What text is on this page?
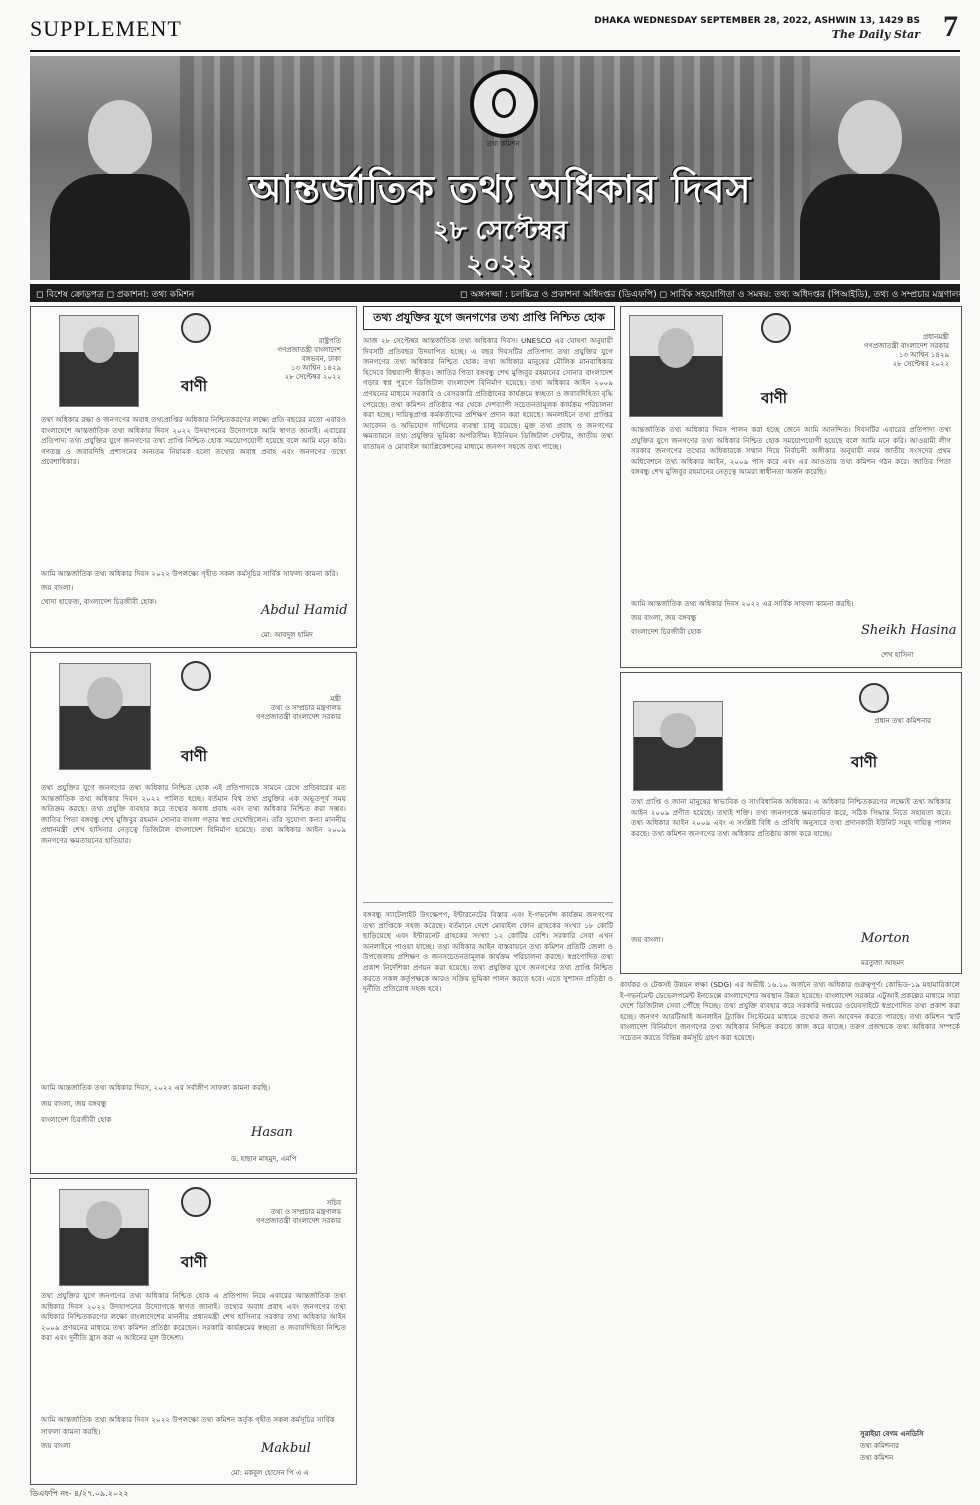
SUPPLEMENT	DHAKA WEDNESDAY SEPTEMBER 28, 2022, ASHWIN 13, 1429 BS
The Daily Star 7
তথ্য কমিশন
আন্তর্জাতিক তথ্য অধিকার দিবস
২৮ সেপ্টেম্বর
২০২২
◻ বিশেষ ক্রোড়পত্র ◻ প্রকাশনা: তথ্য কমিশন	◻ অঙ্গসজ্জা : চলচ্চিত্র ও প্রকাশনা অধিদপ্তর (ডিএফপি) ◻ সার্বিক সহযোগিতা ও সমন্বয়: তথ্য অধিদপ্তর (পিআইডি), তথ্য ও সম্প্রচার মন্ত্রণালয়
বাণী
রাষ্ট্রপতি
গণপ্রজাতন্ত্রী বাংলাদেশ
বঙ্গভবন, ঢাকা
১৩ আশ্বিন ১৪২৯
২৮ সেপ্টেম্বর ২০২২
তথ্য অধিকার রক্ষা ও জনগণের অবাধ তথ্যপ্রাপ্তির অধিকার নিশ্চিতকরণের লক্ষ্যে প্রতি বছরের মতো এবারও বাংলাদেশে আন্তর্জাতিক তথ্য অধিকার দিবস ২০২২ উদযাপনের উদ্যোগকে আমি স্বাগত জানাই। এবারের প্রতিপাদ্য তথ্য প্রযুক্তির যুগে জনগণের তথ্য প্রাপ্তি নিশ্চিত হোক সময়োপযোগী হয়েছে বলে আমি মনে করি। গণতন্ত্র ও জবাবদিহি প্রশাসনের অন্যতম নিয়ামক হলো তথ্যের অবাধ প্রবাহ এবং জনগণের তথ্যে প্রবেশাধিকার।
আমি আন্তর্জাতিক তথ্য অধিকার দিবস ২০২২ উপলক্ষ্যে গৃহীত সকল কর্মসূচির সার্বিক সাফল্য কামনা করি।
জয় বাংলা।
খোদা হাফেজ, বাংলাদেশ চিরজীবী হোক।
Abdul Hamid
মো: আবদুল হামিদ
বাণী
মন্ত্রী
তথ্য ও সম্প্রচার মন্ত্রণালয়
গণপ্রজাতন্ত্রী বাংলাদেশ সরকার
তথ্য প্রযুক্তির যুগে জনগণের তথ্য অধিকার নিশ্চিত হোক এই প্রতিপাদ্যকে সামনে রেখে প্রতিবারের মত আন্তর্জাতিক তথ্য অধিকার দিবস ২০২২ পালিত হচ্ছে। বর্তমান বিশ্ব তথ্য প্রযুক্তির এক অভূতপূর্ব সময় অতিক্রম করছে। তথ্য প্রযুক্তি ব্যবহার করে তথ্যের অবাধ প্রবাহ এবং তথ্য অধিকার নিশ্চিত করা সম্ভব। জাতির পিতা বঙ্গবন্ধু শেখ মুজিবুর রহমান সোনার বাংলা গড়ার স্বপ্ন দেখেছিলেন। তাঁর সুযোগ্য কন্যা মাননীয় প্রধানমন্ত্রী শেখ হাসিনার নেতৃত্বে ডিজিটাল বাংলাদেশ বিনির্মাণ হয়েছে। তথ্য অধিকার আইন ২০০৯ জনগণের ক্ষমতায়নের হাতিয়ার।
আমি আন্তর্জাতিক তথ্য অধিকার দিবস, ২০২২ এর সর্বাঙ্গীণ সাফল্য কামনা করছি।
জয় বাংলা, জয় বঙ্গবন্ধু
বাংলাদেশ চিরজীবী হোক
Hasan
ড. হাছান মাহমুদ, এমপি
বাণী
সচিব
তথ্য ও সম্প্রচার মন্ত্রণালয়
গণপ্রজাতন্ত্রী বাংলাদেশ সরকার
তথ্য প্রযুক্তির যুগে জনগণের তথ্য অধিকার নিশ্চিত হোক এ প্রতিপাদ্য নিয়ে এবারের আন্তর্জাতিক তথ্য অধিকার দিবস ২০২২ উদযাপনের উদ্যোগকে স্বাগত জানাই। তথ্যের অবাধ প্রবাহ এবং জনগণের তথ্য অধিকার নিশ্চিতকরণের লক্ষ্যে বাংলাদেশের মাননীয় প্রধানমন্ত্রী শেখ হাসিনার সরকার তথ্য অধিকার আইন ২০০৯ প্রণয়নের মাধ্যমে তথ্য কমিশন প্রতিষ্ঠা করেছেন। সরকারি কার্যক্রমের স্বচ্ছতা ও জবাবদিহিতা নিশ্চিত করা এবং দুর্নীতি হ্রাস করা এ আইনের মূল উদ্দেশ্য।
আমি আন্তর্জাতিক তথ্য অধিকার দিবস ২০২২ উপলক্ষ্যে তথ্য কমিশন কর্তৃক গৃহীত সকল কর্মসূচির সার্বিক সাফল্য কামনা করছি।
জয় বাংলা	Makbul
মো: মকবুল হোসেন পি এ এ
তথ্য প্রযুক্তির যুগে জনগণের তথ্য প্রাপ্তি নিশ্চিত হোক
আজ ২৮ সেপ্টেম্বর আন্তর্জাতিক তথ্য অধিকার দিবস। UNESCO এর ঘোষণা অনুযায়ী দিবসটি প্রতিবছর উদযাপিত হচ্ছে। এ বছর দিবসটির প্রতিপাদ্য তথ্য প্রযুক্তির যুগে জনগণের তথ্য অধিকার নিশ্চিত হোক। তথ্য অধিকার মানুষের মৌলিক মানবাধিকার হিসেবে বিশ্বব্যাপী স্বীকৃত। জাতির পিতা বঙ্গবন্ধু শেখ মুজিবুর রহমানের সোনার বাংলাদেশ গড়ার স্বপ্ন পূরণে ডিজিটাল বাংলাদেশ বিনির্মাণ হয়েছে। তথ্য অধিকার আইন ২০০৯ প্রণয়নের মাধ্যমে সরকারি ও বেসরকারি প্রতিষ্ঠানের কার্যক্রমে স্বচ্ছতা ও জবাবদিহিতা বৃদ্ধি পেয়েছে। তথ্য কমিশন প্রতিষ্ঠার পর থেকে দেশব্যাপী সচেতনতামূলক কার্যক্রম পরিচালনা করা হচ্ছে। দায়িত্বপ্রাপ্ত কর্মকর্তাদের প্রশিক্ষণ প্রদান করা হয়েছে। অনলাইনে তথ্য প্রাপ্তির আবেদন ও অভিযোগ দাখিলের ব্যবস্থা চালু রয়েছে। মুক্ত তথ্য প্রবাহ ও জনগণের ক্ষমতায়নে তথ্য প্রযুক্তির ভূমিকা অপরিসীম। ইউনিয়ন ডিজিটাল সেন্টার, জাতীয় তথ্য বাতায়ন ও মোবাইল অ্যাপ্লিকেশনের মাধ্যমে জনগণ সহজে তথ্য পাচ্ছে।
বঙ্গবন্ধু স্যাটেলাইট উৎক্ষেপণ, ইন্টারনেটের বিস্তার এবং ই-গভর্নেন্স কার্যক্রম জনগণের তথ্য প্রাপ্তিকে সহজ করেছে। বর্তমানে দেশে মোবাইল ফোন গ্রাহকের সংখ্যা ১৮ কোটি ছাড়িয়েছে এবং ইন্টারনেট গ্রাহকের সংখ্যা ১২ কোটির বেশি। সরকারি সেবা এখন অনলাইনে পাওয়া যাচ্ছে। তথ্য অধিকার আইন বাস্তবায়নে তথ্য কমিশন প্রতিটি জেলা ও উপজেলায় প্রশিক্ষণ ও জনসচেতনতামূলক কার্যক্রম পরিচালনা করছে। স্বপ্রণোদিত তথ্য প্রকাশ নির্দেশিকা প্রণয়ন করা হয়েছে। তথ্য প্রযুক্তির যুগে জনগণের তথ্য প্রাপ্তি নিশ্চিত করতে সকল কর্তৃপক্ষকে আরও সক্রিয় ভূমিকা পালন করতে হবে। এতে সুশাসন প্রতিষ্ঠা ও দুর্নীতি প্রতিরোধ সহজ হবে।
বাণী
প্রধানমন্ত্রী
গণপ্রজাতন্ত্রী বাংলাদেশ সরকার
১৩ আশ্বিন ১৪২৯
২৮ সেপ্টেম্বর ২০২২
আন্তর্জাতিক তথ্য অধিকার দিবস পালন করা হচ্ছে জেনে আমি আনন্দিত। দিবসটির এবারের প্রতিপাদ্য তথ্য প্রযুক্তির যুগে জনগণের তথ্য অধিকার নিশ্চিত হোক সময়োপযোগী হয়েছে বলে আমি মনে করি। আওয়ামী লীগ সরকার জনগণের তথ্যের অধিকারকে সম্মান দিয়ে নির্বাচনী অঙ্গীকার অনুযায়ী নবম জাতীয় সংসদের প্রথম অধিবেশনে তথ্য অধিকার আইন, ২০০৯ পাস করে এবং এর আওতায় তথ্য কমিশন গঠন করে। জাতির পিতা বঙ্গবন্ধু শেখ মুজিবুর রহমানের নেতৃত্বে আমরা স্বাধীনতা অর্জন করেছি।
আমি আন্তর্জাতিক তথ্য অধিকার দিবস ২০২২ এর সার্বিক সাফল্য কামনা করছি।
জয় বাংলা, জয় বঙ্গবন্ধু
বাংলাদেশ চিরজীবী হোক	Sheikh Hasina
শেখ হাসিনা
প্রধান তথ্য কমিশনার
বাণী
তথ্য প্রাপ্তি ও জানা মানুষের স্বাভাবিক ও সাংবিধানিক অধিকার। এ অধিকার নিশ্চিতকরণের লক্ষ্যেই তথ্য অধিকার আইন ২০০৯ প্রণীত হয়েছে। তথ্যই শক্তি। তথ্য জনগণকে ক্ষমতায়িত করে, সঠিক সিদ্ধান্ত নিতে সহায়তা করে। তথ্য অধিকার আইন ২০০৯ এবং এ সংশ্লিষ্ট বিধি ও প্রবিধি অনুসারে তথ্য প্রদানকারী ইউনিট সমূহ দায়িত্ব পালন করছে। তথ্য কমিশন জনগণের তথ্য অধিকার প্রতিষ্ঠায় কাজ করে যাচ্ছে।
জয় বাংলা।	Morton
মরতুজা আহমদ
কার্যকর ও টেকসই উন্নয়ন লক্ষ্য (SDG) এর অভীষ্ট ১৬.১০ অর্জনে তথ্য অধিকার গুরুত্বপূর্ণ। কোভিড-১৯ মহামারিকালে ই-গভর্নমেন্ট ডেভেলপমেন্ট ইনডেক্সে বাংলাদেশের অবস্থান উন্নত হয়েছে। বাংলাদেশ সরকার এটুআই প্রকল্পের মাধ্যমে সারা দেশে ডিজিটাল সেবা পৌঁছে দিচ্ছে। তথ্য প্রযুক্তি ব্যবহার করে সরকারি দপ্তরের ওয়েবসাইটে স্বপ্রণোদিত তথ্য প্রকাশ করা হচ্ছে। জনগণ আরটিআই অনলাইন ট্র্যাকিং সিস্টেমের মাধ্যমে তথ্যের জন্য আবেদন করতে পারছে। তথ্য কমিশন স্মার্ট বাংলাদেশ বিনির্মাণে জনগণের তথ্য অধিকার নিশ্চিত করতে কাজ করে যাচ্ছে। তরুণ প্রজন্মকে তথ্য অধিকার সম্পর্কে সচেতন করতে বিভিন্ন কর্মসূচি গ্রহণ করা হয়েছে।
সুরাইয়া বেগম এনডিসি
তথ্য কমিশনার
তথ্য কমিশন
ডিএফপি নং- ৪/২৭.০৯.২০২২
